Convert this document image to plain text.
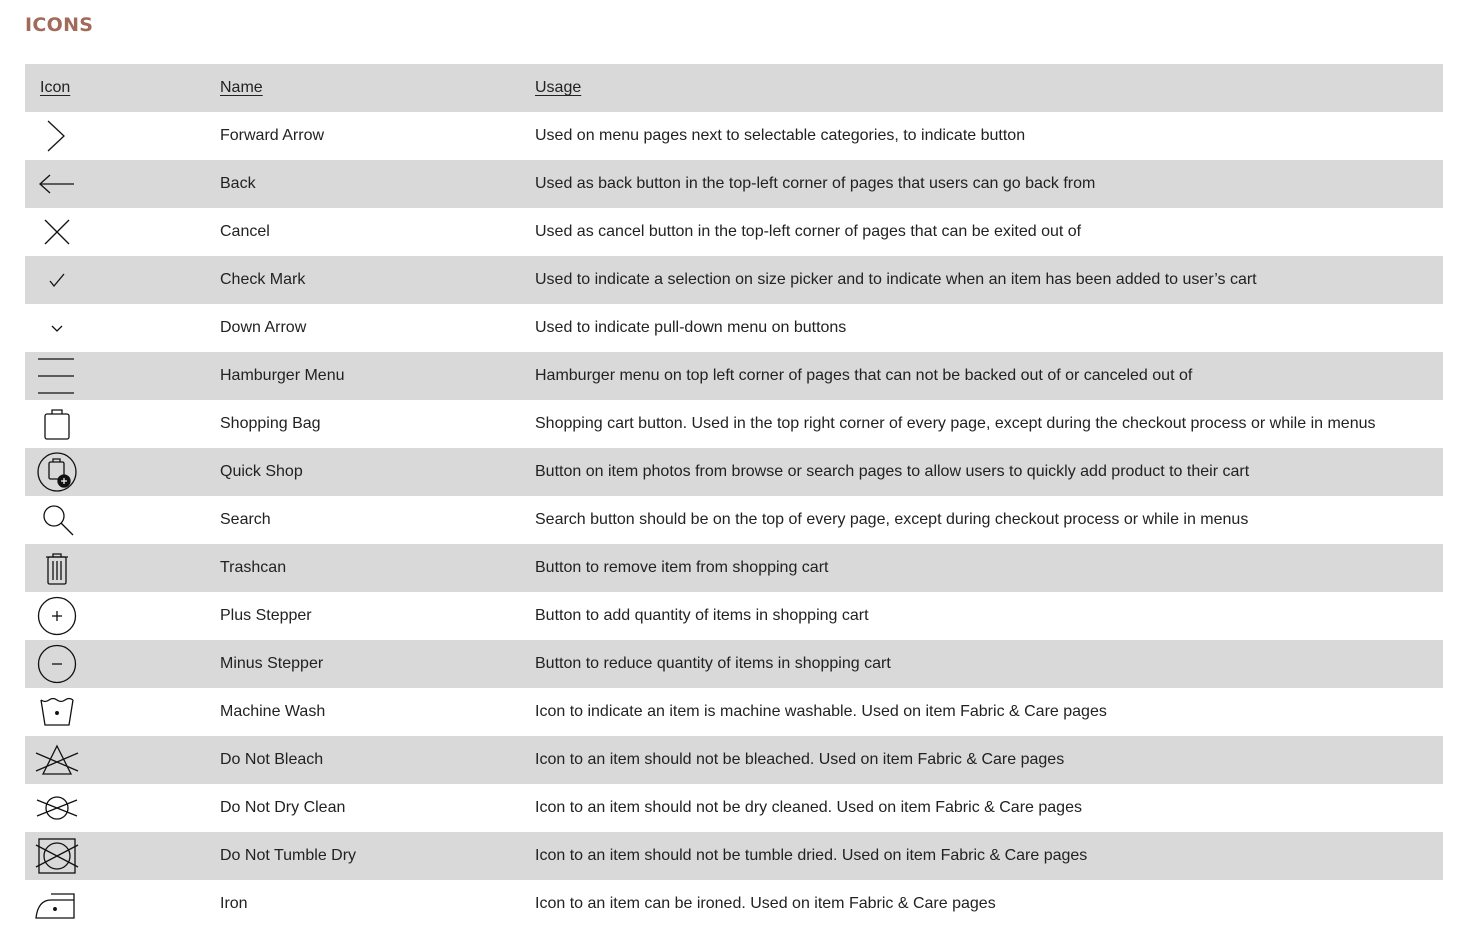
ICONS
Icon	Name	Usage
Forward Arrow	Used on menu pages next to selectable categories, to indicate button
Back	Used as back button in the top-left corner of pages that users can go back from
Cancel	Used as cancel button in the top-left corner of pages that can be exited out of
Check Mark	Used to indicate a selection on size picker and to indicate when an item has been added to user’s cart
Down Arrow	Used to indicate pull-down menu on buttons
Hamburger Menu	Hamburger menu on top left corner of pages that can not be backed out of or canceled out of
Shopping Bag	Shopping cart button. Used in the top right corner of every page, except during the checkout process or while in menus
Quick Shop	Button on item photos from browse or search pages to allow users to quickly add product to their cart
Search	Search button should be on the top of every page, except during checkout process or while in menus
Trashcan	Button to remove item from shopping cart
Plus Stepper	Button to add quantity of items in shopping cart
Minus Stepper	Button to reduce quantity of items in shopping cart
Machine Wash	Icon to indicate an item is machine washable. Used on item Fabric & Care pages
Do Not Bleach	Icon to an item should not be bleached. Used on item Fabric & Care pages
Do Not Dry Clean	Icon to an item should not be dry cleaned. Used on item Fabric & Care pages
Do Not Tumble Dry	Icon to an item should not be tumble dried. Used on item Fabric & Care pages
Iron	Icon to an item can be ironed. Used on item Fabric & Care pages
